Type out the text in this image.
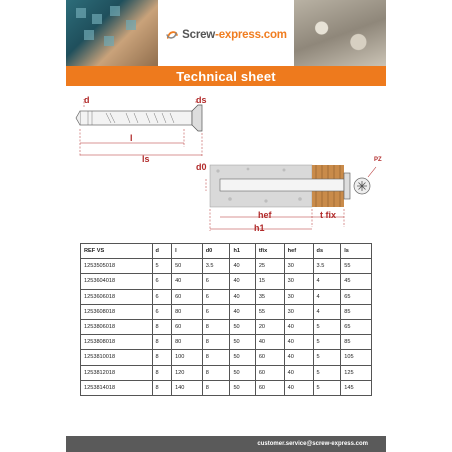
Screw-express.com
Technical sheet
d	ds
l
ls
d0
PZ
hef	t fix
h1
REF VS	d	l	d0	h1	tfix	hef	ds	ls
1253505018	5	50	3.5	40	25	30	3.5	55
1253604018	6	40	6	40	15	30	4	45
1253606018	6	60	6	40	35	30	4	65
1253608018	6	80	6	40	55	30	4	85
1253806018	8	60	8	50	20	40	5	65
1253808018	8	80	8	50	40	40	5	85
1253810018	8	100	8	50	60	40	5	105
1253812018	8	120	8	50	60	40	5	125
1253814018	8	140	8	50	60	40	5	145
customer.service@screw-express.com
